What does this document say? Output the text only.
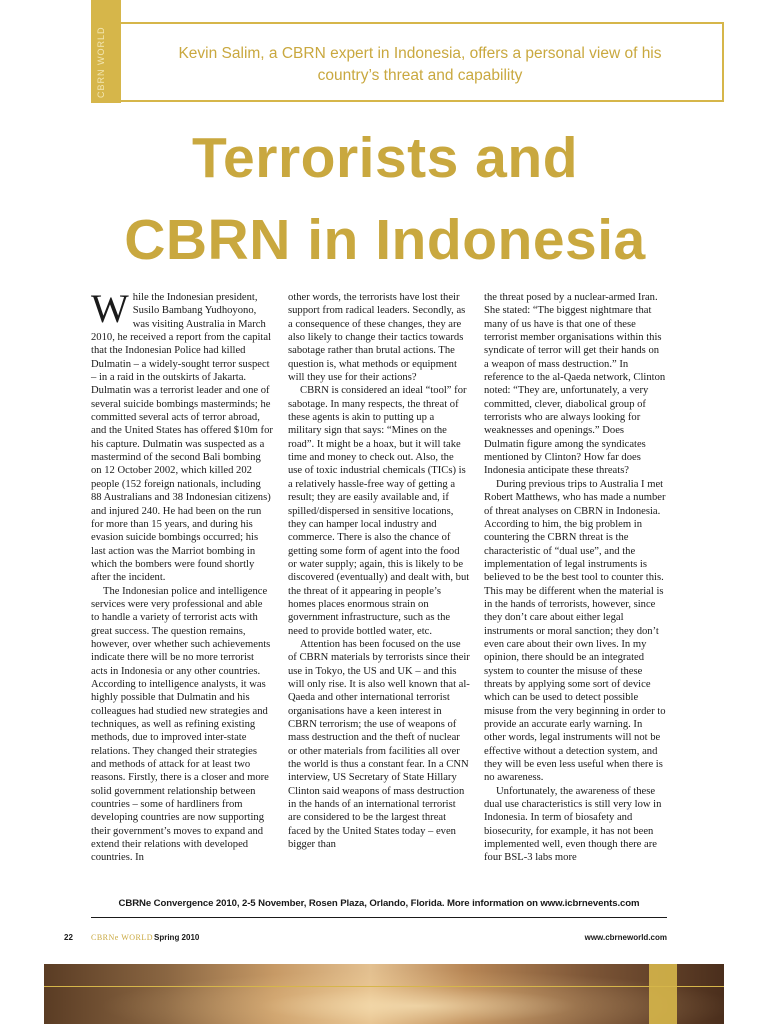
CBRN WORLD	Kevin Salim, a CBRN expert in Indonesia, offers a personal view of his country’s threat and capability
Terrorists and
CBRN in Indonesia

While the Indonesian president, Susilo Bambang Yudhoyono, was visiting Australia in March 2010, he received a report from the capital that the Indonesian Police had killed Dulmatin – a widely-sought terror suspect – in a raid in the outskirts of Jakarta. Dulmatin was a terrorist leader and one of several suicide bombings masterminds; he committed several acts of terror abroad, and the United States has offered $10m for his capture. Dulmatin was suspected as a mastermind of the second Bali bombing on 12 October 2002, which killed 202 people (152 foreign nationals, including 88 Australians and 38 Indonesian citizens) and injured 240. He had been on the run for more than 15 years, and during his evasion suicide bombings occurred; his last action was the Marriot bombing in which the bombers were found shortly after the incident.

The Indonesian police and intelligence services were very professional and able to handle a variety of terrorist acts with great success. The question remains, however, over whether such achievements indicate there will be no more terrorist acts in Indonesia or any other countries. According to intelligence analysts, it was highly possible that Dulmatin and his colleagues had studied new strategies and techniques, as well as refining existing methods, due to improved inter-state relations. They changed their strategies and methods of attack for at least two reasons. Firstly, there is a closer and more solid government relationship between countries – some of hardliners from developing countries are now supporting their government’s moves to expand and extend their relations with developed countries. In

other words, the terrorists have lost their support from radical leaders. Secondly, as a consequence of these changes, they are also likely to change their tactics towards sabotage rather than brutal actions. The question is, what methods or equipment will they use for their actions?

CBRN is considered an ideal “tool” for sabotage. In many respects, the threat of these agents is akin to putting up a military sign that says: “Mines on the road”. It might be a hoax, but it will take time and money to check out. Also, the use of toxic industrial chemicals (TICs) is a relatively hassle-free way of getting a result; they are easily available and, if spilled/dispersed in sensitive locations, they can hamper local industry and commerce. There is also the chance of getting some form of agent into the food or water supply; again, this is likely to be discovered (eventually) and dealt with, but the threat of it appearing in people’s homes places enormous strain on government infrastructure, such as the need to provide bottled water, etc.

Attention has been focused on the use of CBRN materials by terrorists since their use in Tokyo, the US and UK – and this will only rise. It is also well known that al-Qaeda and other international terrorist organisations have a keen interest in CBRN terrorism; the use of weapons of mass destruction and the theft of nuclear or other materials from facilities all over the world is thus a constant fear. In a CNN interview, US Secretary of State Hillary Clinton said weapons of mass destruction in the hands of an international terrorist are considered to be the largest threat faced by the United States today – even bigger than

the threat posed by a nuclear-armed Iran. She stated: “The biggest nightmare that many of us have is that one of these terrorist member organisations within this syndicate of terror will get their hands on a weapon of mass destruction.” In reference to the al-Qaeda network, Clinton noted: “They are, unfortunately, a very committed, clever, diabolical group of terrorists who are always looking for weaknesses and openings.” Does Dulmatin figure among the syndicates mentioned by Clinton? How far does Indonesia anticipate these threats?

During previous trips to Australia I met Robert Matthews, who has made a number of threat analyses on CBRN in Indonesia. According to him, the big problem in countering the CBRN threat is the characteristic of “dual use”, and the implementation of legal instruments is believed to be the best tool to counter this. This may be different when the material is in the hands of terrorists, however, since they don’t care about either legal instruments or moral sanction; they don’t even care about their own lives. In my opinion, there should be an integrated system to counter the misuse of these threats by applying some sort of device which can be used to detect possible misuse from the very beginning in order to provide an accurate early warning. In other words, legal instruments will not be effective without a detection system, and they will be even less useful when there is no awareness.

Unfortunately, the awareness of these dual use characteristics is still very low in Indonesia. In term of biosafety and biosecurity, for example, it has not been implemented well, even though there are four BSL-3 labs more

CBRNe Convergence 2010, 2-5 November, Rosen Plaza, Orlando, Florida. More information on www.icbrnevents.com
22 CBRNe WORLD Spring 2010	www.cbrneworld.com
